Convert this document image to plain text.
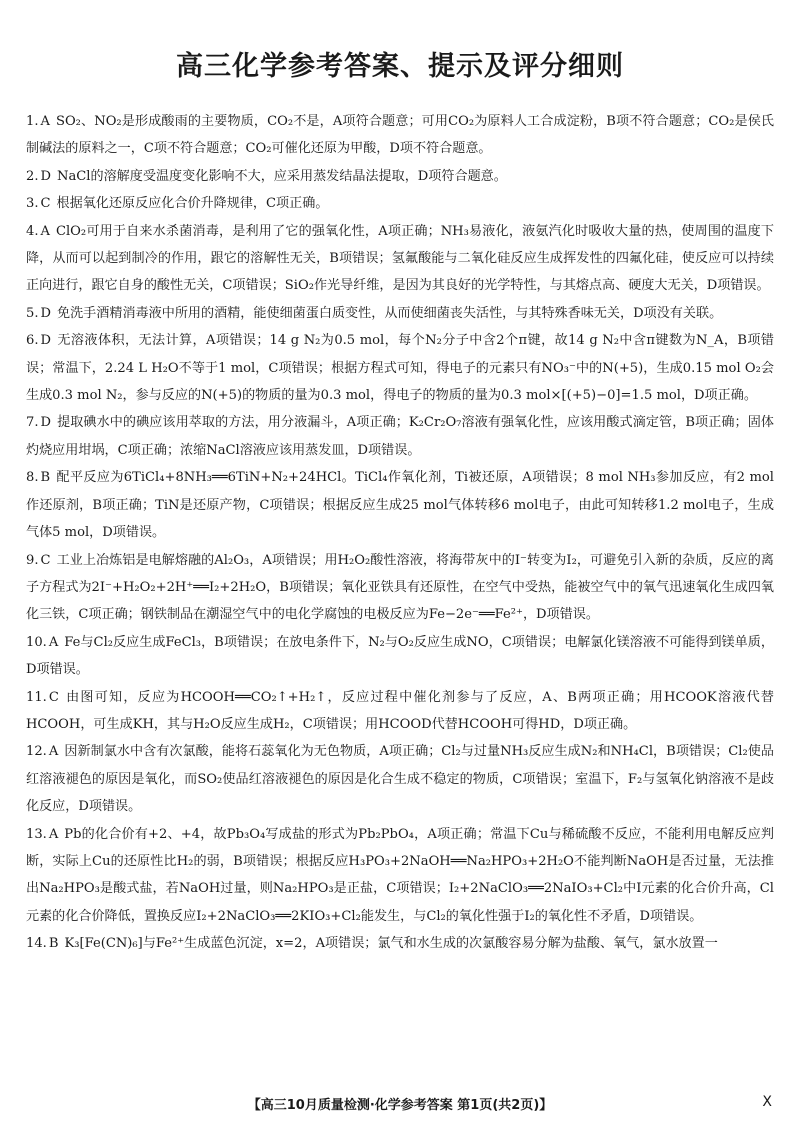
高三化学参考答案、提示及评分细则

1. A SO₂、NO₂是形成酸雨的主要物质，CO₂不是，A项符合题意；可用CO₂为原料人工合成淀粉，B项不符合题意；CO₂是侯氏制碱法的原料之一，C项不符合题意；CO₂可催化还原为甲酸，D项不符合题意。

2. D NaCl的溶解度受温度变化影响不大，应采用蒸发结晶法提取，D项符合题意。

3. C 根据氧化还原反应化合价升降规律，C项正确。

4. A ClO₂可用于自来水杀菌消毒，是利用了它的强氧化性，A项正确；NH₃易液化，液氨汽化时吸收大量的热，使周围的温度下降，从而可以起到制冷的作用，跟它的溶解性无关，B项错误；氢氟酸能与二氧化硅反应生成挥发性的四氟化硅，使反应可以持续正向进行，跟它自身的酸性无关，C项错误；SiO₂作光导纤维，是因为其良好的光学特性，与其熔点高、硬度大无关，D项错误。

5. D 免洗手酒精消毒液中所用的酒精，能使细菌蛋白质变性，从而使细菌丧失活性，与其特殊香味无关，D项没有关联。

6. D 无溶液体积，无法计算，A项错误；14 g N₂为0.5 mol，每个N₂分子中含2个π键，故14 g N₂中含π键数为N_A，B项错误；常温下，2.24 L H₂O不等于1 mol，C项错误；根据方程式可知，得电子的元素只有NO₃⁻中的N(+5)，生成0.15 mol O₂会生成0.3 mol N₂，参与反应的N(+5)的物质的量为0.3 mol，得电子的物质的量为0.3 mol×[(+5)−0]=1.5 mol，D项正确。

7. D 提取碘水中的碘应该用萃取的方法，用分液漏斗，A项正确；K₂Cr₂O₇溶液有强氧化性，应该用酸式滴定管，B项正确；固体灼烧应用坩埚，C项正确；浓缩NaCl溶液应该用蒸发皿，D项错误。

8. B 配平反应为6TiCl₄+8NH₃══6TiN+N₂+24HCl。TiCl₄作氧化剂，Ti被还原，A项错误；8 mol NH₃参加反应，有2 mol作还原剂，B项正确；TiN是还原产物，C项错误；根据反应生成25 mol气体转移6 mol电子，由此可知转移1.2 mol电子，生成气体5 mol，D项错误。

9. C 工业上冶炼铝是电解熔融的Al₂O₃，A项错误；用H₂O₂酸性溶液，将海带灰中的I⁻转变为I₂，可避免引入新的杂质，反应的离子方程式为2I⁻+H₂O₂+2H⁺══I₂+2H₂O，B项错误；氧化亚铁具有还原性，在空气中受热，能被空气中的氧气迅速氧化生成四氧化三铁，C项正确；钢铁制品在潮湿空气中的电化学腐蚀的电极反应为Fe−2e⁻══Fe²⁺，D项错误。

10. A Fe与Cl₂反应生成FeCl₃，B项错误；在放电条件下，N₂与O₂反应生成NO，C项错误；电解氯化镁溶液不可能得到镁单质，D项错误。

11. C 由图可知，反应为HCOOH══CO₂↑+H₂↑，反应过程中催化剂参与了反应，A、B两项正确；用HCOOK溶液代替HCOOH，可生成KH，其与H₂O反应生成H₂，C项错误；用HCOOD代替HCOOH可得HD，D项正确。

12. A 因新制氯水中含有次氯酸，能将石蕊氧化为无色物质，A项正确；Cl₂与过量NH₃反应生成N₂和NH₄Cl，B项错误；Cl₂使品红溶液褪色的原因是氧化，而SO₂使品红溶液褪色的原因是化合生成不稳定的物质，C项错误；室温下，F₂与氢氧化钠溶液不是歧化反应，D项错误。

13. A Pb的化合价有+2、+4，故Pb₃O₄写成盐的形式为Pb₂PbO₄，A项正确；常温下Cu与稀硫酸不反应，不能利用电解反应判断，实际上Cu的还原性比H₂的弱，B项错误；根据反应H₃PO₃+2NaOH══Na₂HPO₃+2H₂O不能判断NaOH是否过量，无法推出Na₂HPO₃是酸式盐，若NaOH过量，则Na₂HPO₃是正盐，C项错误；I₂+2NaClO₃══2NaIO₃+Cl₂中I元素的化合价升高，Cl元素的化合价降低，置换反应I₂+2NaClO₃══2KIO₃+Cl₂能发生，与Cl₂的氧化性强于I₂的氧化性不矛盾，D项错误。

14. B K₃[Fe(CN)₆]与Fe²⁺生成蓝色沉淀，x=2，A项错误；氯气和水生成的次氯酸容易分解为盐酸、氧气，氯水放置一

【高三10月质量检测·化学参考答案 第1页(共2页)】	X
